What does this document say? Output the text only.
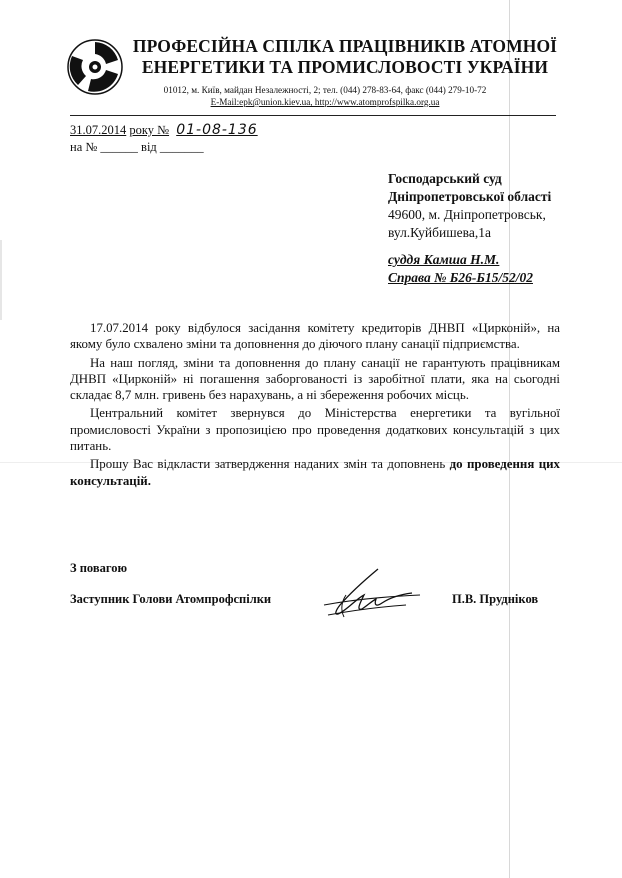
ПРОФЕСІЙНА СПІЛКА ПРАЦІВНИКІВ АТОМНОЇ
ЕНЕРГЕТИКИ ТА ПРОМИСЛОВОСТІ УКРАЇНИ
01012, м. Київ, майдан Незалежності, 2; тел. (044) 278-83-64, факс (044) 279-10-72
E-Mail:epk@union.kiev.ua, http://www.atomprofspilka.org.ua
31.07.2014 року № 01-08-136
на № ______ від _______
Господарський суд
Дніпропетровської області
49600, м. Дніпропетровськ,
вул.Куйбишева,1а
суддя Камша Н.М.
Справа № Б26-Б15/52/02

17.07.2014 року відбулося засідання комітету кредиторів ДНВП «Цирконій», на якому було схвалено зміни та доповнення до діючого плану санації підприємства.

На наш погляд, зміни та доповнення до плану санації не гарантують працівникам ДНВП «Цирконій» ні погашення заборгованості із заробітної плати, яка на сьогодні складає 8,7 млн. гривень без нарахувань, а ні збереження робочих місць.

Центральний комітет звернувся до Міністерства енергетики та вугільної промисловості України з пропозицією про проведення додаткових консультацій з цих питань.

Прошу Вас відкласти затвердження наданих змін та доповнень до проведення цих консультацій.

З повагою
Заступник Голови Атомпрофспілки	П.В. Пруднiков
